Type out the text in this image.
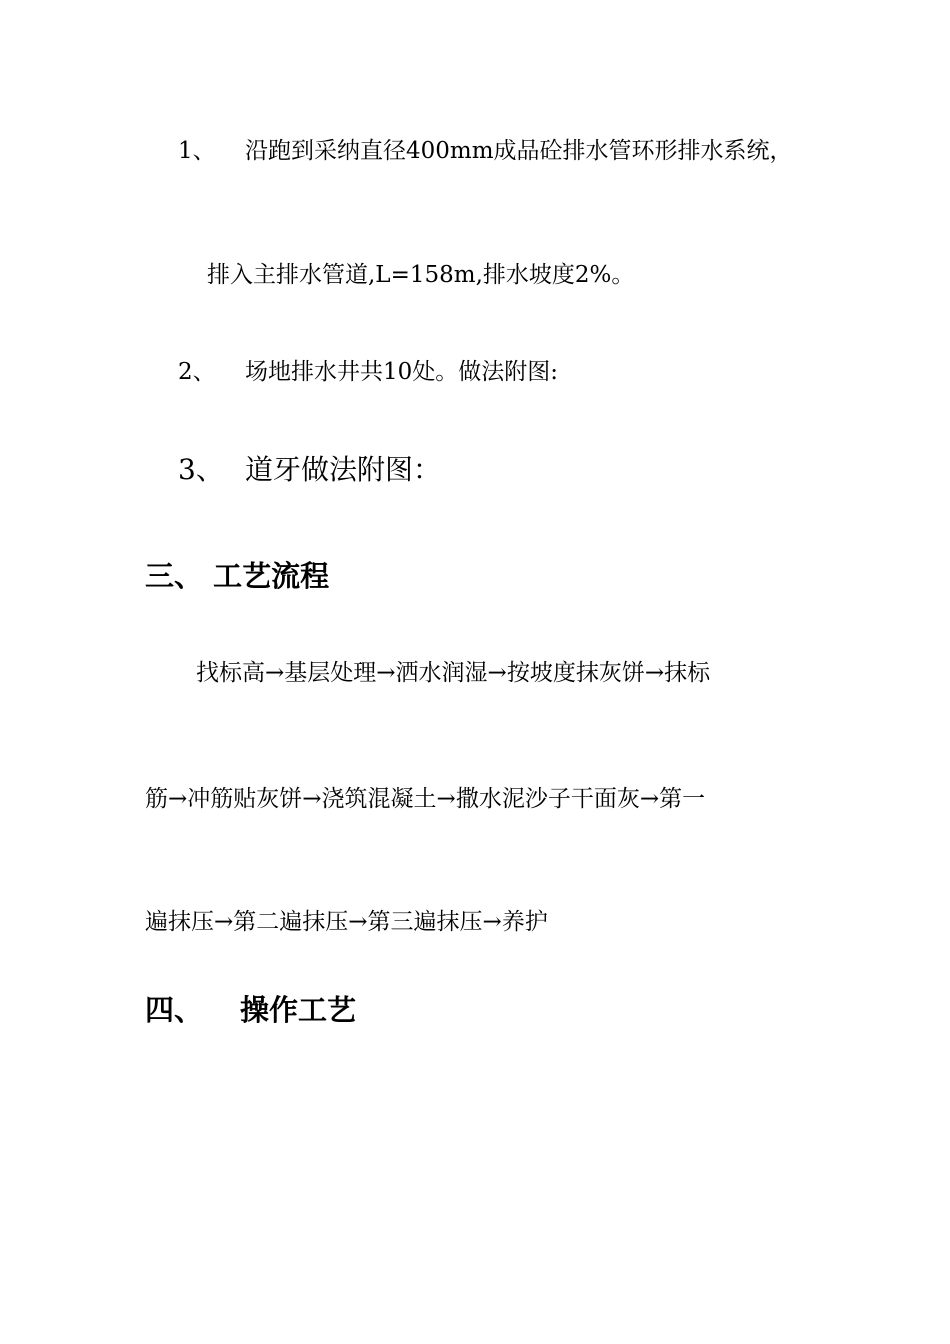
1、 沿跑到采纳直径400mm成品砼排水管环形排水系统，
排入主排水管道,L=158m,排水坡度2%。
2、 场地排水井共10处。做法附图:
3、 道牙做法附图：
三、 工艺流程
找标高→基层处理→洒水润湿→按坡度抹灰饼→抹标
筋→冲筋贴灰饼→浇筑混凝土→撒水泥沙子干面灰→第一
遍抹压→第二遍抹压→第三遍抹压→养护
四、 操作工艺
